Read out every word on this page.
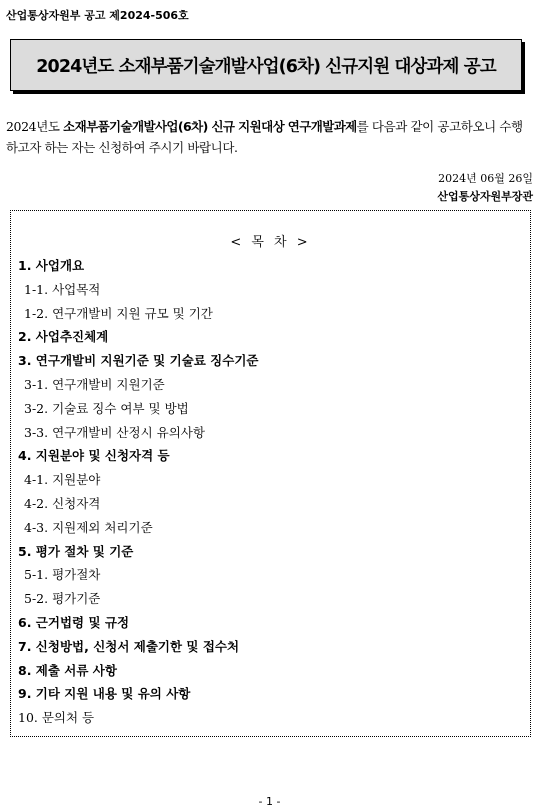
산업통상자원부 공고 제2024-506호
2024년도 소재부품기술개발사업(6차) 신규지원 대상과제 공고
2024년도 소재부품기술개발사업(6차) 신규 지원대상 연구개발과제를 다음과 같이 공고하오니 수행하고자 하는 자는 신청하여 주시기 바랍니다.
2024년 06월 26일
산업통상자원부장관
< 목 차 >
1. 사업개요
1-1. 사업목적
1-2. 연구개발비 지원 규모 및 기간
2. 사업추진체계
3. 연구개발비 지원기준 및 기술료 징수기준
3-1. 연구개발비 지원기준
3-2. 기술료 징수 여부 및 방법
3-3. 연구개발비 산정시 유의사항
4. 지원분야 및 신청자격 등
4-1. 지원분야
4-2. 신청자격
4-3. 지원제외 처리기준
5. 평가 절차 및 기준
5-1. 평가절차
5-2. 평가기준
6. 근거법령 및 규정
7. 신청방법, 신청서 제출기한 및 접수처
8. 제출 서류 사항
9. 기타 지원 내용 및 유의 사항
10. 문의처 등
- 1 -
